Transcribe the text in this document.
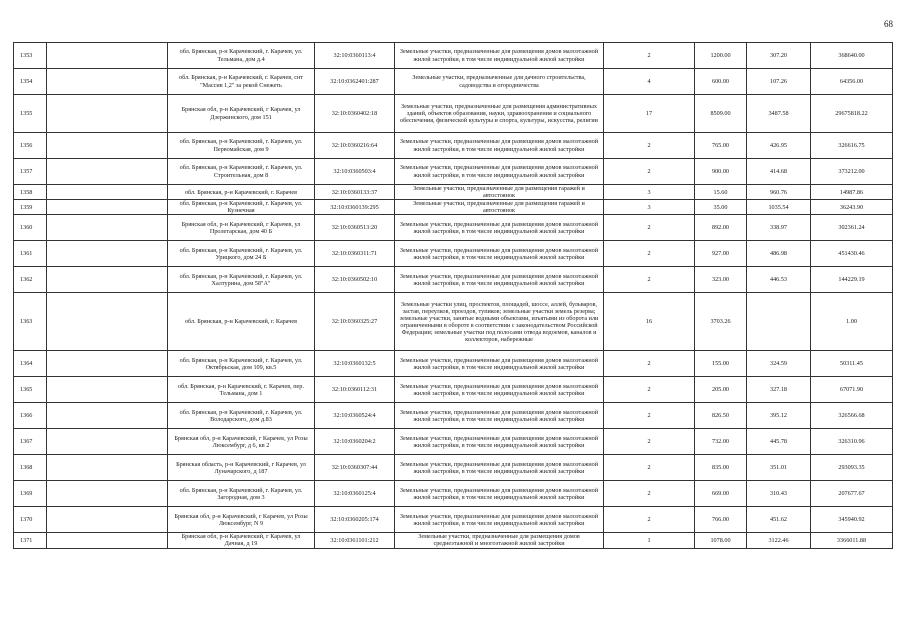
68
1353		обл. Брянская, р-н Карачевский, г. Карачев, ул. Тельмана, дом д.4	32:10:0360113:4	Земельные участки, предназначенные для размещения домов малоэтажной жилой застройки, в том числе индивидуальной жилой застройки	2	1200.00	307.20	368640.00
1354		обл. Брянская, р-н Карачевский, г. Карачев, снт "Массив 1,2" за рекой Снежеть	32:10:0362401:287	Земельные участки, предназначенные для дачного строительства, садоводства и огородничества	4	600.00	107.26	64356.00
1355		Брянская обл, р-н Карачевский, г Карачев, ул Дзержинского, дом 151	32:10:0360402:18	Земельные участки, предназначенные для размещения административных зданий, объектов образования, науки, здравоохранения и социального обеспечения, физической культуры и спорта, культуры, искусства, религии	17	8509.00	3487.58	29675818.22
1356		обл. Брянская, р-н Карачевский, г. Карачев, ул. Первомайская, дом 9	32:10:0360216:64	Земельные участки, предназначенные для размещения домов малоэтажной жилой застройки, в том числе индивидуальной жилой застройки	2	765.00	426.95	326616.75
1357		обл. Брянская, р-н Карачевский, г. Карачев, ул. Строительная, дом 8	32:10:0360503:4	Земельные участки, предназначенные для размещения домов малоэтажной жилой застройки, в том числе индивидуальной жилой застройки	2	900.00	414.68	373212.00
1358		обл. Брянская, р-н Карачевский, г. Карачев	32:10:0360133:37	Земельные участки, предназначенные для размещения гаражей и автостоянок	3	15.60	960.76	14987.86
1359		обл. Брянская, р-н Карачевский, г. Карачев, ул. Кузнечная	32:10:0360139:295	Земельные участки, предназначенные для размещения гаражей и автостоянок	3	35.00	1035.54	36243.90
1360		Брянская обл, р-н Карачевский, г Карачев, ул Пролетарская, дом 40 Б	32:10:0360513:20	Земельные участки, предназначенные для размещения домов малоэтажной жилой застройки, в том числе индивидуальной жилой застройки	2	892.00	338.97	302361.24
1361		обл. Брянская, р-н Карачевский, г. Карачев, ул. Урицкого, дом 24 Б	32:10:0360311:71	Земельные участки, предназначенные для размещения домов малоэтажной жилой застройки, в том числе индивидуальной жилой застройки	2	927.00	486.98	451430.46
1362		обл. Брянская, р-н Карачевский, г. Карачев, ул. Халтурина, дом 58"А"	32:10:0360502:10	Земельные участки, предназначенные для размещения домов малоэтажной жилой застройки, в том числе индивидуальной жилой застройки	2	323.00	446.53	144229.19
1363		обл. Брянская, р-н Карачевский, г. Карачев	32:10:0360325:27	Земельные участки улиц, проспектов, площадей, шоссе, аллей, бульваров, застав, переулков, проездов, тупиков; земельные участки земель резерва; земельные участки, занятые водными объектами, изъятыми из оборота или ограниченными в обороте в соответствии с законодательством Российской Федерации; земельные участки под полосами отвода водоемов, каналов и коллекторов, набережные	16	3703.26		1.00
1364		обл. Брянская, р-н Карачевский, г. Карачев, ул. Октябрьская, дом 109, кв.5	32:10:0360132:5	Земельные участки, предназначенные для размещения домов малоэтажной жилой застройки, в том числе индивидуальной жилой застройки	2	155.00	324.59	50311.45
1365		обл. Брянская, р-н Карачевский, г. Карачев, пер. Тельмана, дом 1	32:10:0360112:31	Земельные участки, предназначенные для размещения домов малоэтажной жилой застройки, в том числе индивидуальной жилой застройки	2	205.00	327.18	67071.90
1366		обл. Брянская, р-н Карачевский, г. Карачев, ул. Володарского, дом д.83	32:10:0360524:4	Земельные участки, предназначенные для размещения домов малоэтажной жилой застройки, в том числе индивидуальной жилой застройки	2	826.50	395.12	326566.68
1367		Брянская обл, р-н Карачевский, г Карачев, ул Розы Люксембург, д 6, кв 2	32:10:0360204:2	Земельные участки, предназначенные для размещения домов малоэтажной жилой застройки, в том числе индивидуальной жилой застройки	2	732.00	445.78	326310.96
1368		Брянская область, р-н Карачевский, г Карачев, ул Луначарского, д 187	32:10:0360307:44	Земельные участки, предназначенные для размещения домов малоэтажной жилой застройки, в том числе индивидуальной жилой застройки	2	835.00	351.01	293093.35
1369		обл. Брянская, р-н Карачевский, г. Карачев, ул. Загородная, дом 3	32:10:0360125:4	Земельные участки, предназначенные для размещения домов малоэтажной жилой застройки, в том числе индивидуальной жилой застройки	2	669.00	310.43	207677.67
1370		Брянская обл, р-н Карачевский, г Карачев, ул Розы Люксембург, N 9	32:10:0360205:174	Земельные участки, предназначенные для размещения домов малоэтажной жилой застройки, в том числе индивидуальной жилой застройки	2	766.00	451.62	345940.92
1371		Брянская обл, р-н Карачевский, г Карачев, ул Дачная, д 19	32:10:0361101:212	Земельные участки, предназначенные для размещения домов среднеэтажной и многоэтажной жилой застройки	1	1078.00	3122.46	3366011.88
